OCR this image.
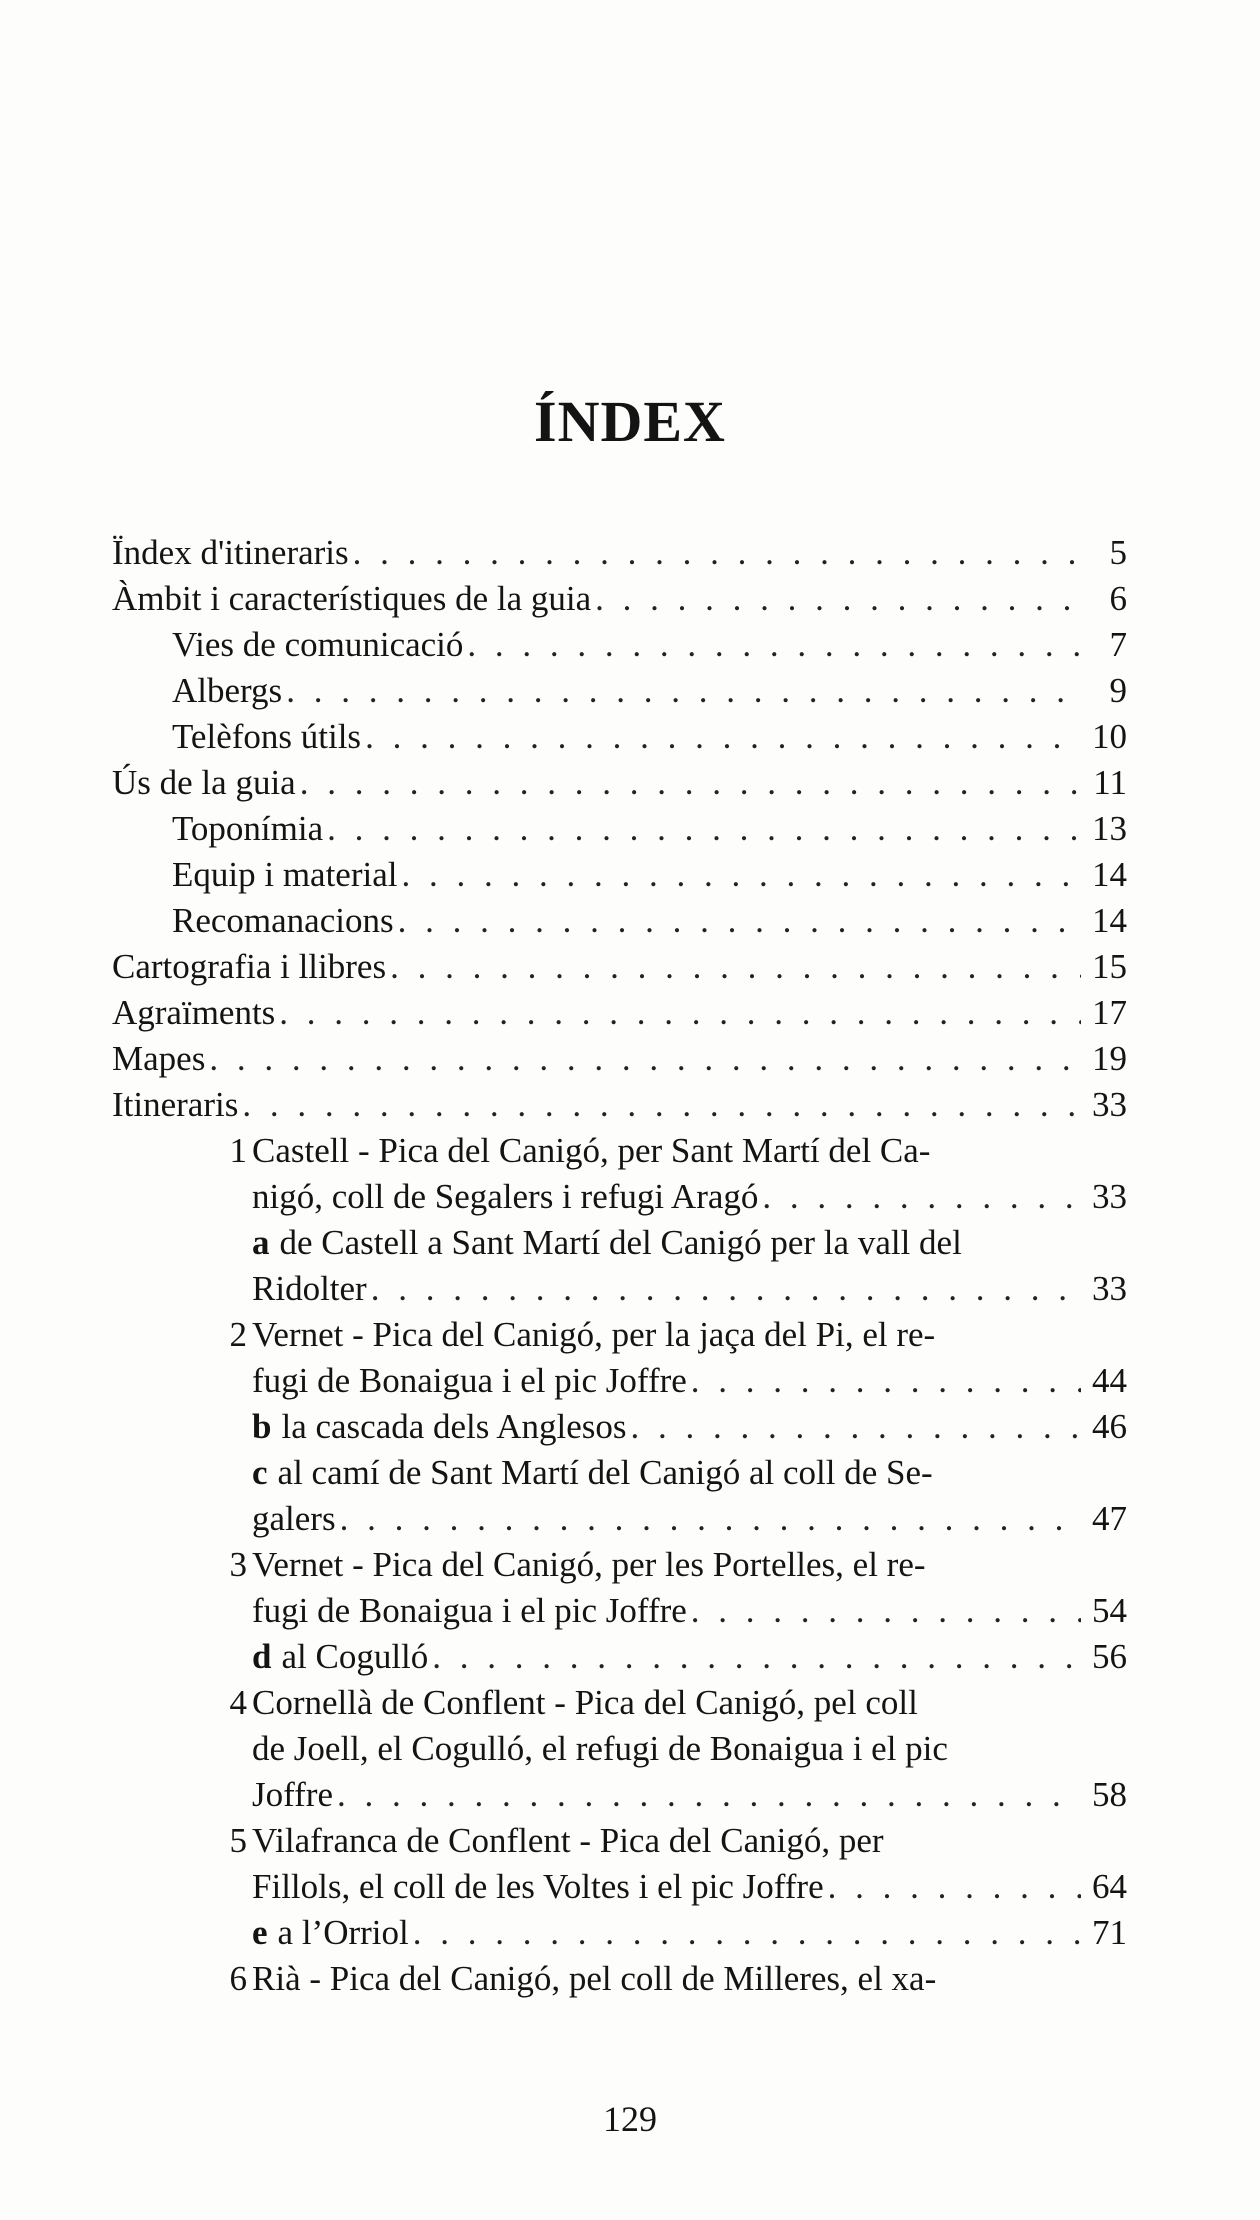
ÍNDEX
Ïndex d'itineraris . . .	5
Àmbit i característiques de la guia . . .	6
Vies de comunicació . . .	7
Albergs . . .	9
Telèfons útils . . .	10
Ús de la guia . . .	11
Toponímia . . .	13
Equip i material . . .	14
Recomanacions . . .	14
Cartografia i llibres . . .	15
Agraïments . . .	17
Mapes . . .	19
Itineraris . . .	33
1 Castell - Pica del Canigó, per Sant Martí del Ca-
nigó, coll de Segalers i refugi Aragó . . .	33
a de Castell a Sant Martí del Canigó per la vall del
Ridolter . . .	33
2 Vernet - Pica del Canigó, per la jaça del Pi, el re-
fugi de Bonaigua i el pic Joffre . . .	44
b la cascada dels Anglesos . . .	46
c al camí de Sant Martí del Canigó al coll de Se-
galers . . .	47
3 Vernet - Pica del Canigó, per les Portelles, el re-
fugi de Bonaigua i el pic Joffre . . .	54
d al Cogulló . . .	56
4 Cornellà de Conflent - Pica del Canigó, pel coll
de Joell, el Cogulló, el refugi de Bonaigua i el pic
Joffre . . .	58
5 Vilafranca de Conflent - Pica del Canigó, per
Fillols, el coll de les Voltes i el pic Joffre . . .	64
e a l’Orriol . . .	71
6 Rià - Pica del Canigó, pel coll de Milleres, el xa-
129
